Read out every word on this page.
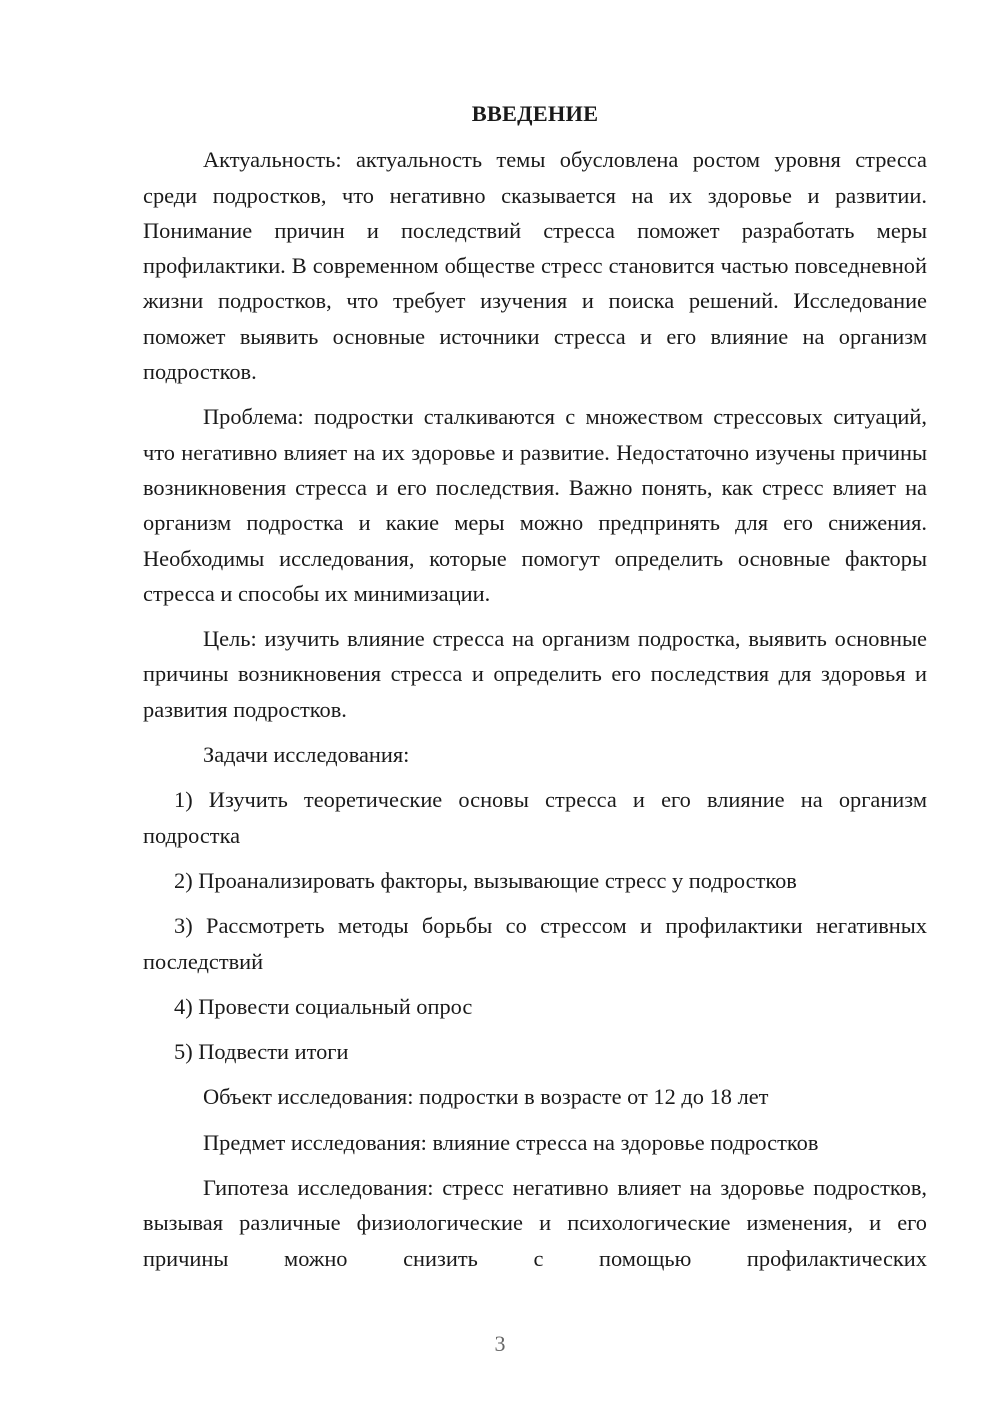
ВВЕДЕНИЕ

Актуальность: актуальность темы обусловлена ростом уровня стресса среди подростков, что негативно сказывается на их здоровье и развитии. Понимание причин и последствий стресса поможет разработать меры профилактики. В современном обществе стресс становится частью повседневной жизни подростков, что требует изучения и поиска решений. Исследование поможет выявить основные источники стресса и его влияние на организм подростков.

Проблема: подростки сталкиваются с множеством стрессовых ситуаций, что негативно влияет на их здоровье и развитие. Недостаточно изучены причины возникновения стресса и его последствия. Важно понять, как стресс влияет на организм подростка и какие меры можно предпринять для его снижения. Необходимы исследования, которые помогут определить основные факторы стресса и способы их минимизации.

Цель: изучить влияние стресса на организм подростка, выявить основные причины возникновения стресса и определить его последствия для здоровья и развития подростков.

Задачи исследования:

1) Изучить теоретические основы стресса и его влияние на организм подростка

2) Проанализировать факторы, вызывающие стресс у подростков

3) Рассмотреть методы борьбы со стрессом и профилактики негативных последствий

4) Провести социальный опрос

5) Подвести итоги

Объект исследования: подростки в возрасте от 12 до 18 лет

Предмет исследования: влияние стресса на здоровье подростков

Гипотеза исследования: стресс негативно влияет на здоровье подростков, вызывая различные физиологические и психологические изменения, и его причины можно снизить с помощью профилактических

3
